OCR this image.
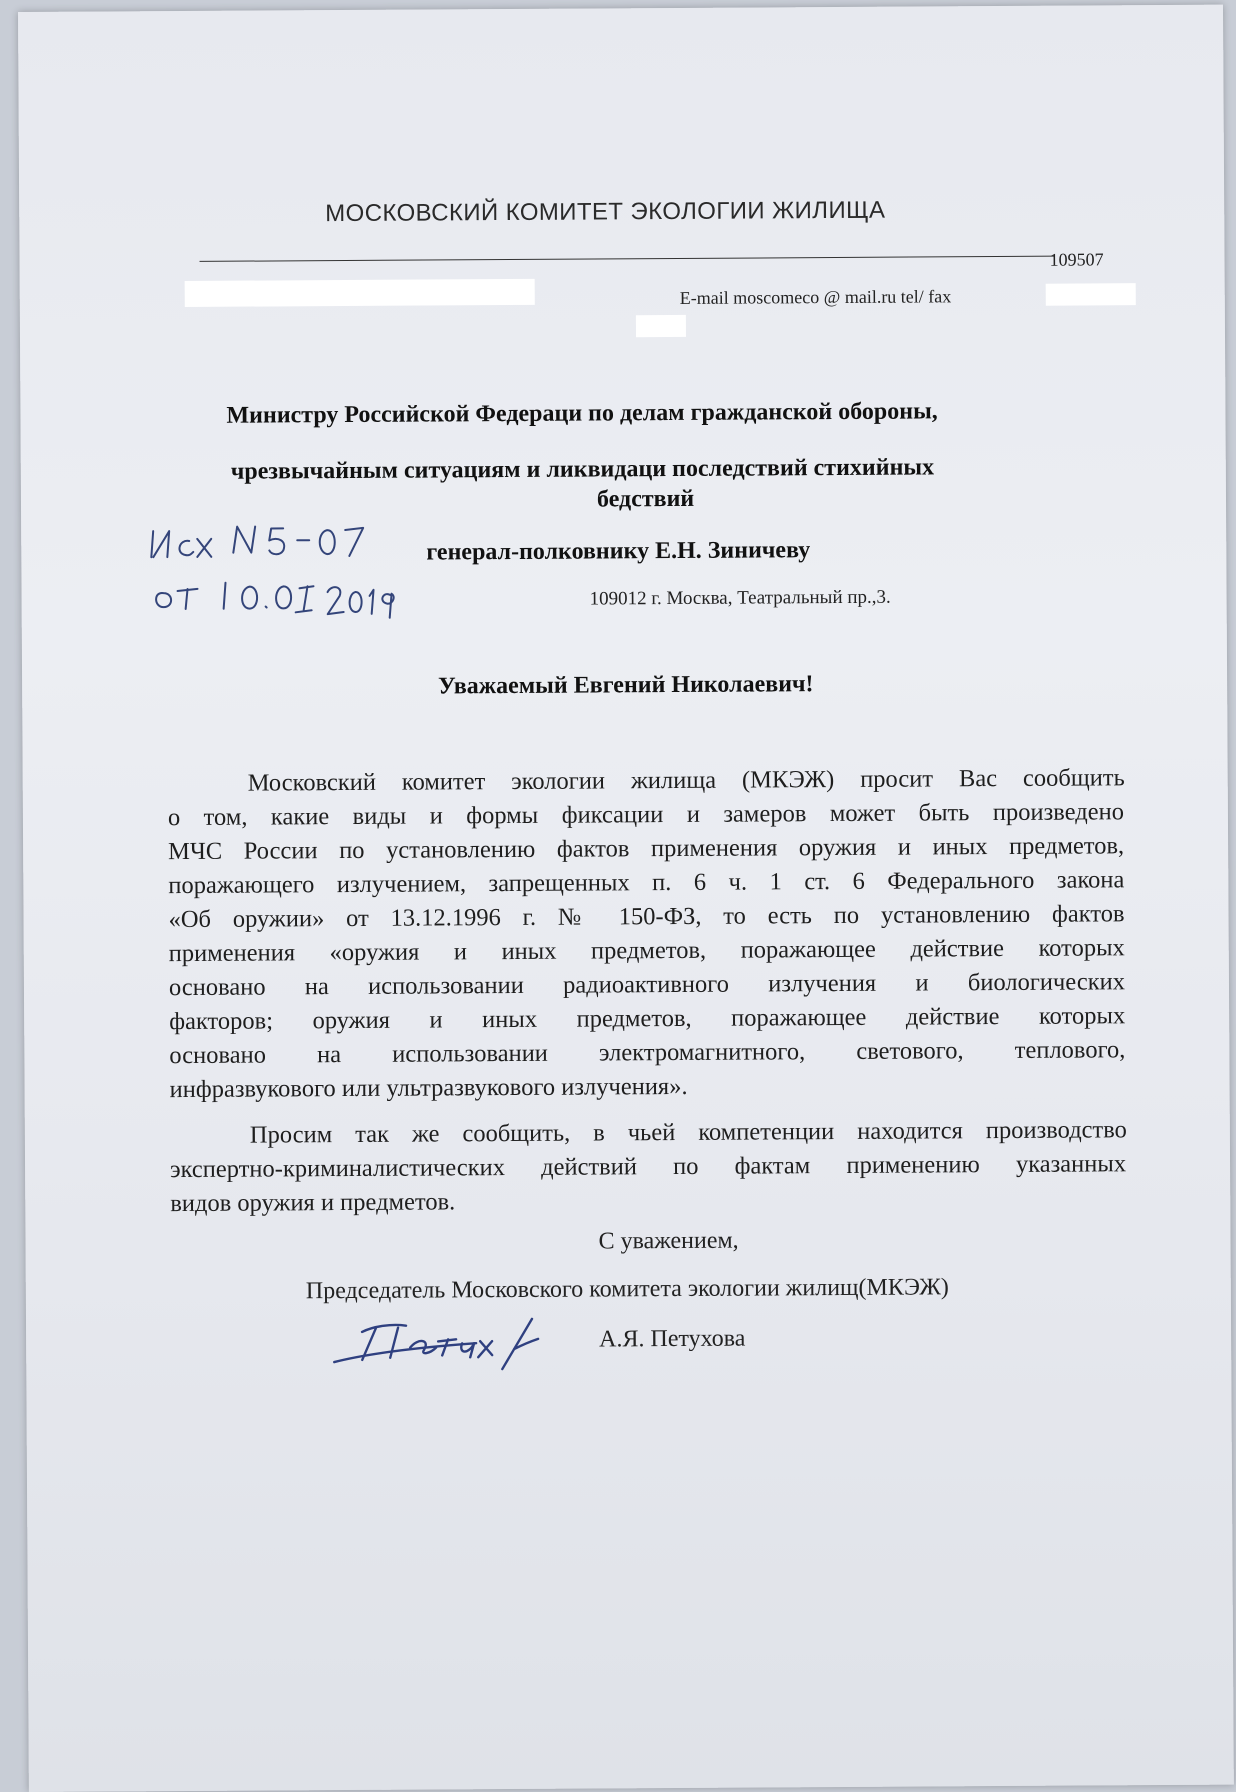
МОСКОВСКИЙ КОМИТЕТ ЭКОЛОГИИ ЖИЛИЩА
109507
E-mail moscomeco @ mail.ru tel/ fax
Министру Российской Федераци по делам гражданской обороны,
чрезвычайным ситуациям и ликвидаци последствий стихийных
бедствий
генерал-полковнику Е.Н. Зиничеву
109012 г. Москва, Театральный пр.,3.
Уважаемый Евгений Николаевич!
Московский комитет экологии жилища (МКЭЖ) просит Вас сообщить
о том, какие виды и формы фиксации и замеров может быть произведено
МЧС России по установлению фактов применения оружия и иных предметов,
поражающего излучением, запрещенных п. 6 ч. 1 ст. 6 Федерального закона
«Об оружии» от 13.12.1996 г. № 150-ФЗ, то есть по установлению фактов
применения «оружия и иных предметов, поражающее действие которых
основано на использовании радиоактивного излучения и биологических
факторов; оружия и иных предметов, поражающее действие которых
основано на использовании электромагнитного, светового, теплового,
инфразвукового или ультразвукового излучения».
Просим так же сообщить, в чьей компетенции находится производство
экспертно-криминалистических действий по фактам применению указанных
видов оружия и предметов.
С уважением,
Председатель Московского комитета экологии жилищ(МКЭЖ)
А.Я. Петухова
